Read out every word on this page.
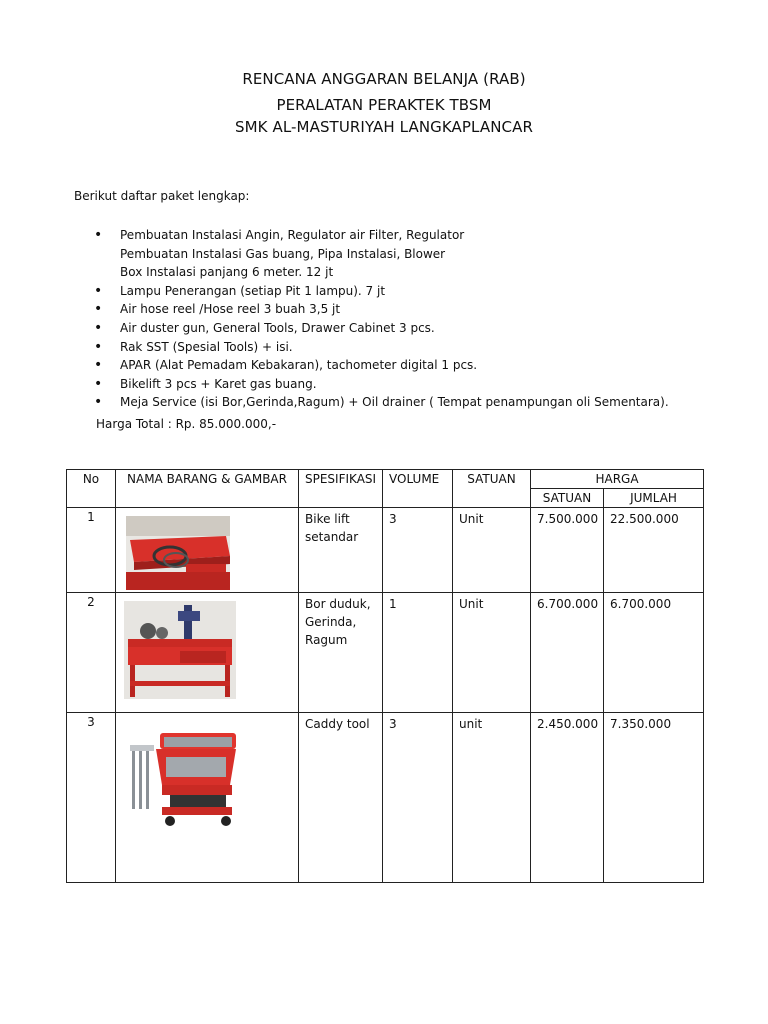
RENCANA ANGGARAN BELANJA (RAB)
PERALATAN PERAKTEK TBSM
SMK AL-MASTURIYAH LANGKAPLANCAR
Berikut daftar paket lengkap:
• Pembuatan Instalasi Angin, Regulator air Filter, Regulator
Pembuatan Instalasi Gas buang, Pipa Instalasi, Blower
Box Instalasi panjang 6 meter. 12 jt
• Lampu Penerangan (setiap Pit 1 lampu). 7 jt
• Air hose reel /Hose reel 3 buah 3,5 jt
• Air duster gun, General Tools, Drawer Cabinet 3 pcs.
• Rak SST (Spesial Tools) + isi.
• APAR (Alat Pemadam Kebakaran), tachometer digital 1 pcs.
• Bikelift 3 pcs + Karet gas buang.
• Meja Service (isi Bor,Gerinda,Ragum) + Oil drainer ( Tempat penampungan oli Sementara).
Harga Total : Rp. 85.000.000,-
No	NAMA BARANG & GAMBAR	SPESIFIKASI	VOLUME	SATUAN	HARGA	
					SATUAN	JUMLAH
1		Bike lift setandar	3	Unit	7.500.000	22.500.000
2		Bor duduk, Gerinda, Ragum	1	Unit	6.700.000	6.700.000
3		Caddy tool	3	unit	2.450.000	7.350.000
